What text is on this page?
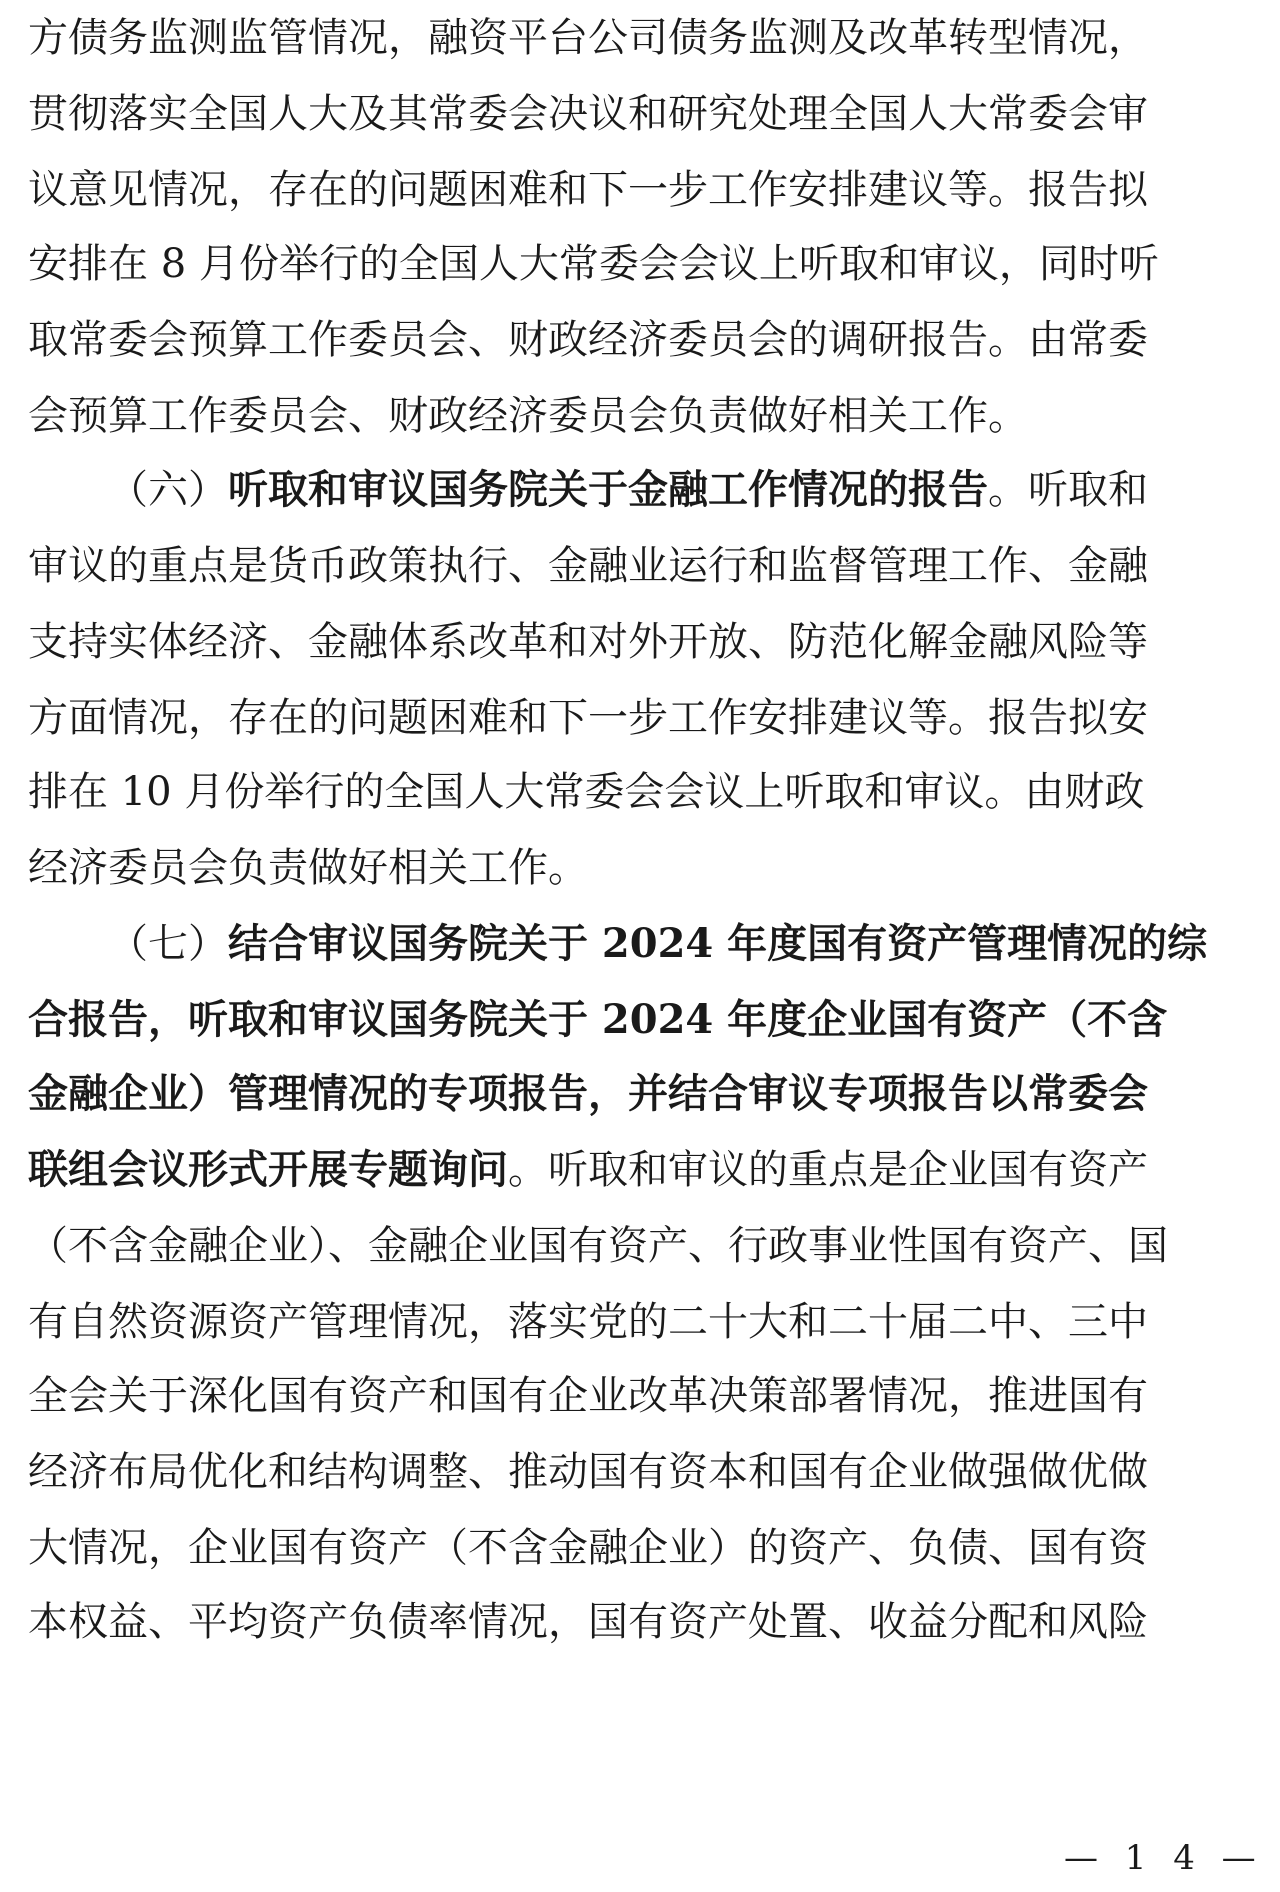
方债务监测监管情况，融资平台公司债务监测及改革转型情况，
贯彻落实全国人大及其常委会决议和研究处理全国人大常委会审
议意见情况，存在的问题困难和下一步工作安排建议等。报告拟
安排在 8 月份举行的全国人大常委会会议上听取和审议，同时听
取常委会预算工作委员会、财政经济委员会的调研报告。由常委
会预算工作委员会、财政经济委员会负责做好相关工作。
（六）听取和审议国务院关于金融工作情况的报告。听取和
审议的重点是货币政策执行、金融业运行和监督管理工作、金融
支持实体经济、金融体系改革和对外开放、防范化解金融风险等
方面情况，存在的问题困难和下一步工作安排建议等。报告拟安
排在 10 月份举行的全国人大常委会会议上听取和审议。由财政
经济委员会负责做好相关工作。
（七）结合审议国务院关于 2024 年度国有资产管理情况的综
合报告，听取和审议国务院关于 2024 年度企业国有资产（不含
金融企业）管理情况的专项报告，并结合审议专项报告以常委会
联组会议形式开展专题询问。听取和审议的重点是企业国有资产
（不含金融企业）、金融企业国有资产、行政事业性国有资产、国
有自然资源资产管理情况，落实党的二十大和二十届二中、三中
全会关于深化国有资产和国有企业改革决策部署情况，推进国有
经济布局优化和结构调整、推动国有资本和国有企业做强做优做
大情况，企业国有资产（不含金融企业）的资产、负债、国有资
本权益、平均资产负债率情况，国有资产处置、收益分配和风险
— 1 4 —
